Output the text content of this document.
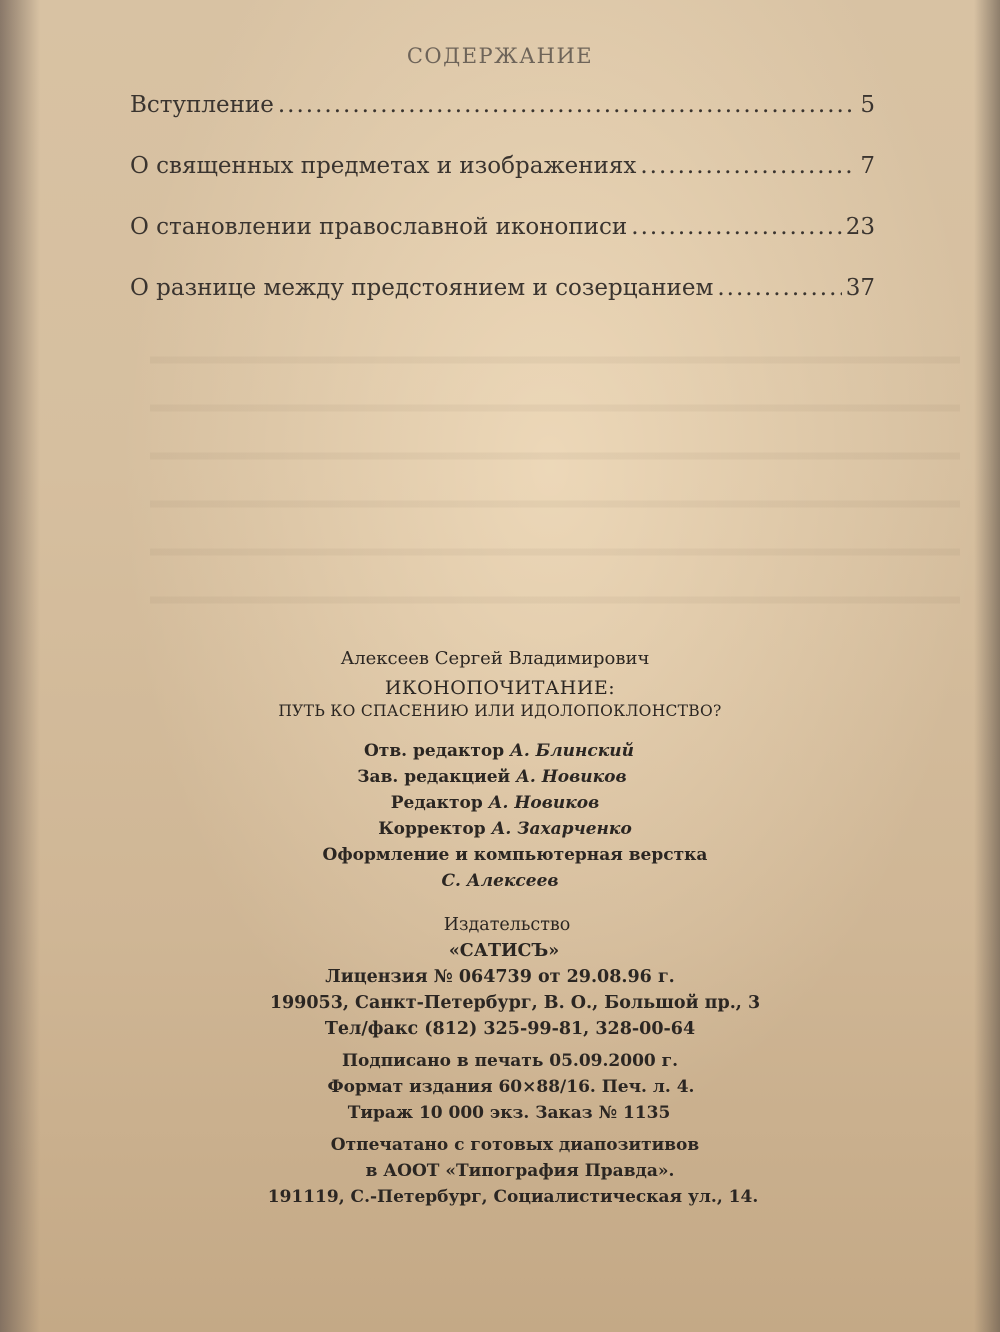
СОДЕРЖАНИЕ
Вступление .....	5
О священных предметах и изображениях .....	7
О становлении православной иконописи .....	23
О разнице между предстоянием и созерцанием .....	37
Алексеев Сергей Владимирович
ИКОНОПОЧИТАНИЕ:
ПУТЬ КО СПАСЕНИЮ ИЛИ ИДОЛОПОКЛОНСТВО?
Отв. редактор А. Блинский
Зав. редакцией А. Новиков
Редактор А. Новиков
Корректор А. Захарченко
Оформление и компьютерная верстка
С. Алексеев
Издательство
«САТИСЪ»
Лицензия № 064739 от 29.08.96 г.
199053, Санкт-Петербург, В. О., Большой пр., 3
Тел/факс (812) 325-99-81, 328-00-64
Подписано в печать 05.09.2000 г.
Формат издания 60×88/16. Печ. л. 4.
Тираж 10 000 экз. Заказ № 1135
Отпечатано с готовых диапозитивов
в АООТ «Типография Правда».
191119, С.-Петербург, Социалистическая ул., 14.
